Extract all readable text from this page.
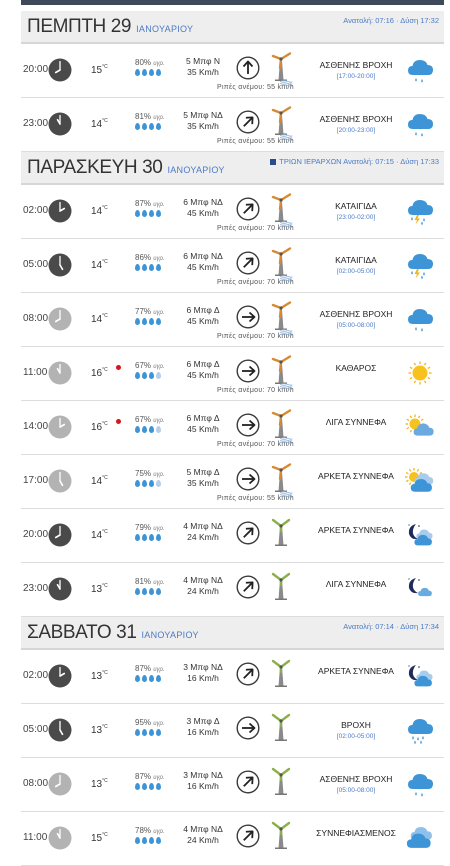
ΠΕΜΠΤΗ 29 ΙΑΝΟΥΑΡΙΟΥ
Ανατολή: 07:16 · Δύση 17:32
20:00	$15^{^\circ C}$	80% υγρ.	5 Μπφ Ν
35 Km/h
Ριπές ανέμου: 55 km/h
ΑΣΘΕΝΗΣ ΒΡΟΧΗ
[17:00-20:00]
23:00	$14^{^\circ C}$	81% υγρ.	5 Μπφ ΝΔ
35 Km/h
Ριπές ανέμου: 55 km/h
ΑΣΘΕΝΗΣ ΒΡΟΧΗ
[20:00-23:00]
ΠΑΡΑΣΚΕΥΗ 30 ΙΑΝΟΥΑΡΙΟΥ
ΤΡΙΩΝ ΙΕΡΑΡΧΩΝ Ανατολή: 07:15 · Δύση 17:33
02:00	$14^{^\circ C}$	87% υγρ.	6 Μπφ ΝΔ
45 Km/h
Ριπές ανέμου: 70 km/h
ΚΑΤΑΙΓΙΔΑ
[23:00-02:00]
05:00	$14^{^\circ C}$	86% υγρ.	6 Μπφ ΝΔ
45 Km/h
Ριπές ανέμου: 70 km/h
ΚΑΤΑΙΓΙΔΑ
[02:00-05:00]
08:00	$14^{^\circ C}$	77% υγρ.	6 Μπφ Δ
45 Km/h
Ριπές ανέμου: 70 km/h
ΑΣΘΕΝΗΣ ΒΡΟΧΗ
[05:00-08:00]
11:00	$16^{^\circ C}$	67% υγρ.	6 Μπφ Δ
45 Km/h
Ριπές ανέμου: 70 km/h
ΚΑΘΑΡΟΣ
14:00	$16^{^\circ C}$	67% υγρ.	6 Μπφ Δ
45 Km/h
Ριπές ανέμου: 70 km/h
ΛΙΓΑ ΣΥΝΝΕΦΑ
17:00	$14^{^\circ C}$	75% υγρ.	5 Μπφ Δ
35 Km/h
Ριπές ανέμου: 55 km/h
ΑΡΚΕΤΑ ΣΥΝΝΕΦΑ
20:00	$14^{^\circ C}$	79% υγρ.	4 Μπφ ΝΔ
24 Km/h
ΑΡΚΕΤΑ ΣΥΝΝΕΦΑ
23:00	$13^{^\circ C}$	81% υγρ.	4 Μπφ ΝΔ
24 Km/h
ΛΙΓΑ ΣΥΝΝΕΦΑ
ΣΑΒΒΑΤΟ 31 ΙΑΝΟΥΑΡΙΟΥ
Ανατολή: 07:14 · Δύση 17:34
02:00	$13^{^\circ C}$	87% υγρ.	3 Μπφ ΝΔ
16 Km/h
ΑΡΚΕΤΑ ΣΥΝΝΕΦΑ
05:00	$13^{^\circ C}$	95% υγρ.	3 Μπφ Δ
16 Km/h
ΒΡΟΧΗ
[02:00-05:00]
08:00	$13^{^\circ C}$	87% υγρ.	3 Μπφ ΝΔ
16 Km/h
ΑΣΘΕΝΗΣ ΒΡΟΧΗ
[05:00-08:00]
11:00	$15^{^\circ C}$	78% υγρ.	4 Μπφ ΝΔ
24 Km/h
ΣΥΝΝΕΦΙΑΣΜΕΝΟΣ
